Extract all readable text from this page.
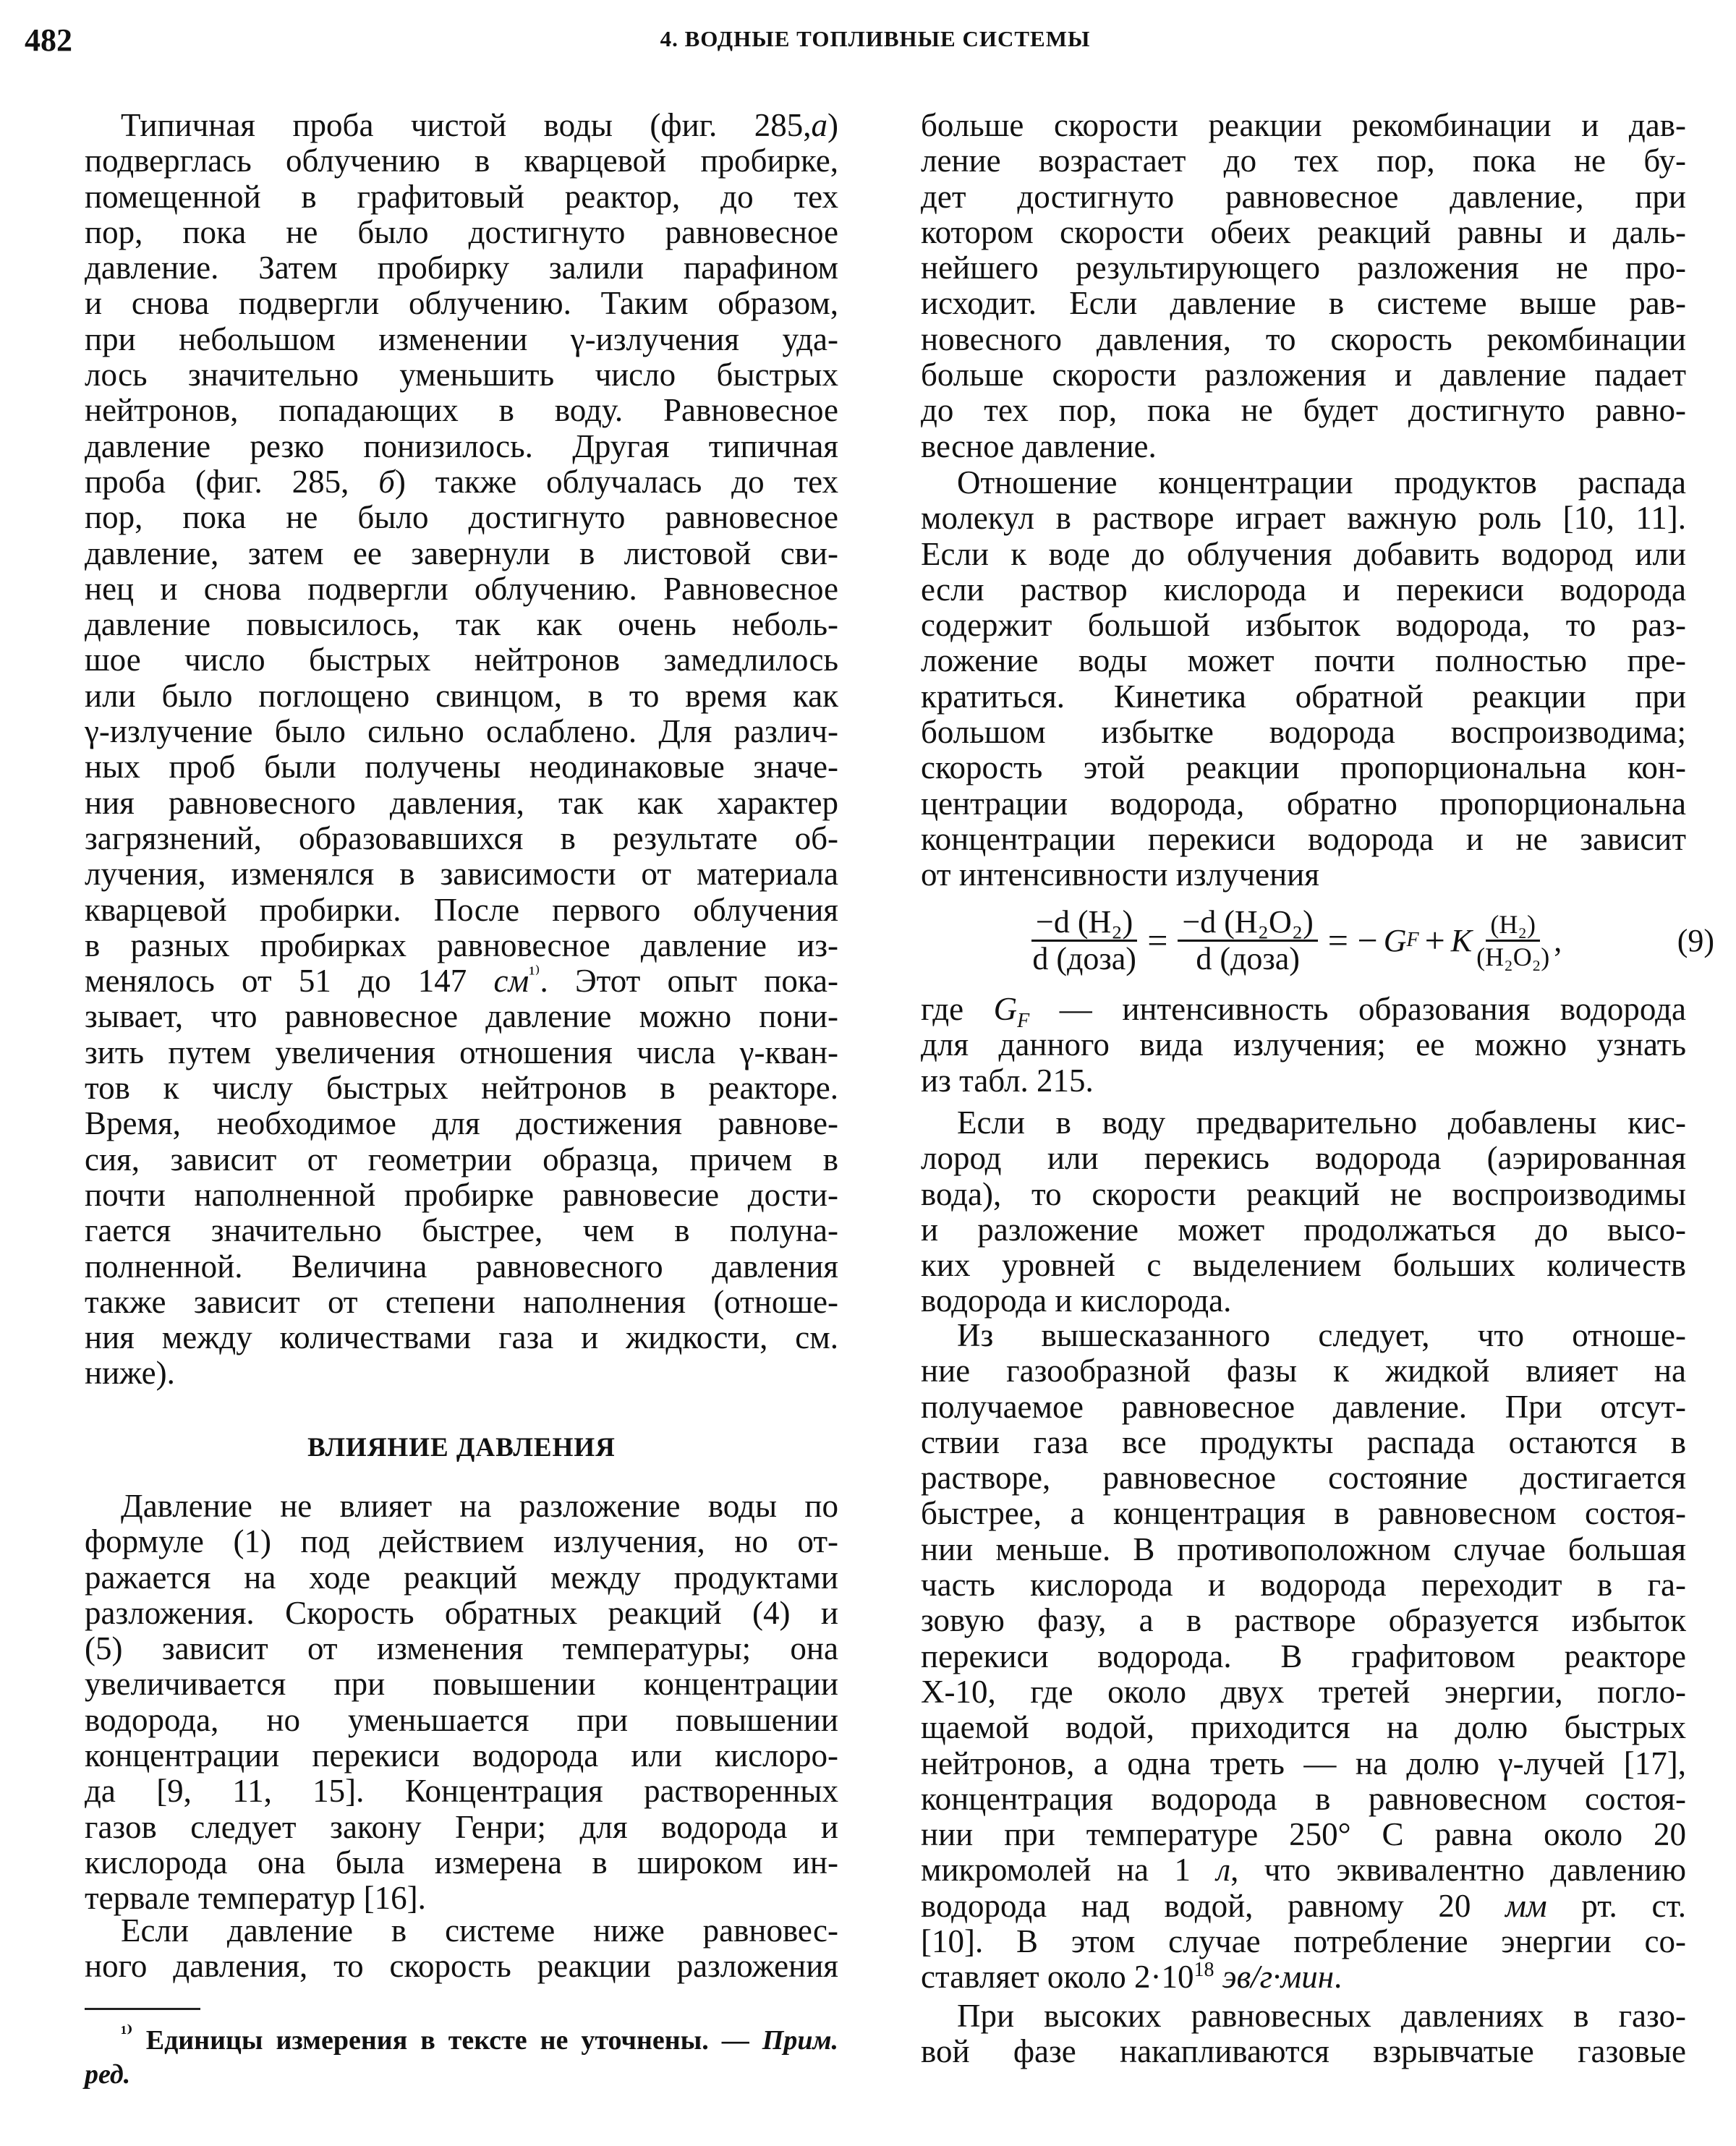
482	4. ВОДНЫЕ ТОПЛИВНЫЕ СИСТЕМЫ
Типичная проба чистой воды (фиг. 285,а)
подверглась облучению в кварцевой пробирке,
помещенной в графитовый реактор, до тех
пор, пока не было достигнуто равновесное
давление. Затем пробирку залили парафином
и снова подвергли облучению. Таким образом,
при небольшом изменении γ-излучения уда-
лось значительно уменьшить число быстрых
нейтронов, попадающих в воду. Равновесное
давление резко понизилось. Другая типичная
проба (фиг. 285, б) также облучалась до тех
пор, пока не было достигнуто равновесное
давление, затем ее завернули в листовой сви-
нец и снова подвергли облучению. Равновесное
давление повысилось, так как очень неболь-
шое число быстрых нейтронов замедлилось
или было поглощено свинцом, в то время как
γ-излучение было сильно ослаблено. Для различ-
ных проб были получены неодинаковые значе-
ния равновесного давления, так как характер
загрязнений, образовавшихся в результате об-
лучения, изменялся в зависимости от материала
кварцевой пробирки. После первого облучения
в разных пробирках равновесное давление из-
менялось от 51 до 147 $см^{^{1)}}$. Этот опыт пока-
зывает, что равновесное давление можно пони-
зить путем увеличения отношения числа γ-кван-
тов к числу быстрых нейтронов в реакторе.
Время, необходимое для достижения равнове-
сия, зависит от геометрии образца, причем в
почти наполненной пробирке равновесие дости-
гается значительно быстрее, чем в полуна-
полненной. Величина равновесного давления
также зависит от степени наполнения (отноше-
ния между количествами газа и жидкости, см.
ниже).
ВЛИЯНИЕ ДАВЛЕНИЯ
Давление не влияет на разложение воды по
формуле (1) под действием излучения, но от-
ражается на ходе реакций между продуктами
разложения. Скорость обратных реакций (4) и
(5) зависит от изменения температуры; она
увеличивается при повышении концентрации
водорода, но уменьшается при повышении
концентрации перекиси водорода или кислоро-
да [9, 11, 15]. Концентрация растворенных
газов следует закону Генри; для водорода и
кислорода она была измерена в широком ин-
тервале температур [16].
Если давление в системе ниже равновес-
ного давления, то скорость реакции разложения
$^{^{1)}}$ Единицы измерения в тексте не уточнены. — Прим.
ред.
больше скорости реакции рекомбинации и дав-
ление возрастает до тех пор, пока не бу-
дет достигнуто равновесное давление, при
котором скорости обеих реакций равны и даль-
нейшего результирующего разложения не про-
исходит. Если давление в системе выше рав-
новесного давления, то скорость рекомбинации
больше скорости разложения и давление падает
до тех пор, пока не будет достигнуто равно-
весное давление.
Отношение концентрации продуктов распада
молекул в растворе играет важную роль [10, 11].
Если к воде до облучения добавить водород или
если раствор кислорода и перекиси водорода
содержит большой избыток водорода, то раз-
ложение воды может почти полностью пре-
кратиться. Кинетика обратной реакции при
большом избытке водорода воспроизводима;
скорость этой реакции пропорциональна кон-
центрации водорода, обратно пропорциональна
концентрации перекиси водорода и не зависит
от интенсивности излучения
$\frac{\text{−d (H₂)}}{\text{d (доза)}} = \frac{\text{−d (H₂O₂)}}{\text{d (доза)}}$ = − G F + K $\frac{\text{(H₂)}}{\text{(H₂O₂)}}$ ,	(9)
где $G_F$ — интенсивность образования водорода
для данного вида излучения; ее можно узнать
из табл. 215.
Если в воду предварительно добавлены кис-
лород или перекись водорода (аэрированная
вода), то скорости реакций не воспроизводимы
и разложение может продолжаться до высо-
ких уровней с выделением больших количеств
водорода и кислорода.
Из вышесказанного следует, что отноше-
ние газообразной фазы к жидкой влияет на
получаемое равновесное давление. При отсут-
ствии газа все продукты распада остаются в
растворе, равновесное состояние достигается
быстрее, а концентрация в равновесном состоя-
нии меньше. В противоположном случае большая
часть кислорода и водорода переходит в га-
зовую фазу, а в растворе образуется избыток
перекиси водорода. В графитовом реакторе
Х-10, где около двух третей энергии, погло-
щаемой водой, приходится на долю быстрых
нейтронов, а одна треть — на долю γ-лучей [17],
концентрация водорода в равновесном состоя-
нии при температуре 250° С равна около 20
микромолей на 1 л, что эквивалентно давлению
водорода над водой, равному 20 мм рт. ст.
[10]. В этом случае потребление энергии со-
ставляет около $2\cdot 10^{18}$ эв/г·мин.
При высоких равновесных давлениях в газо-
вой фазе накапливаются взрывчатые газовые
